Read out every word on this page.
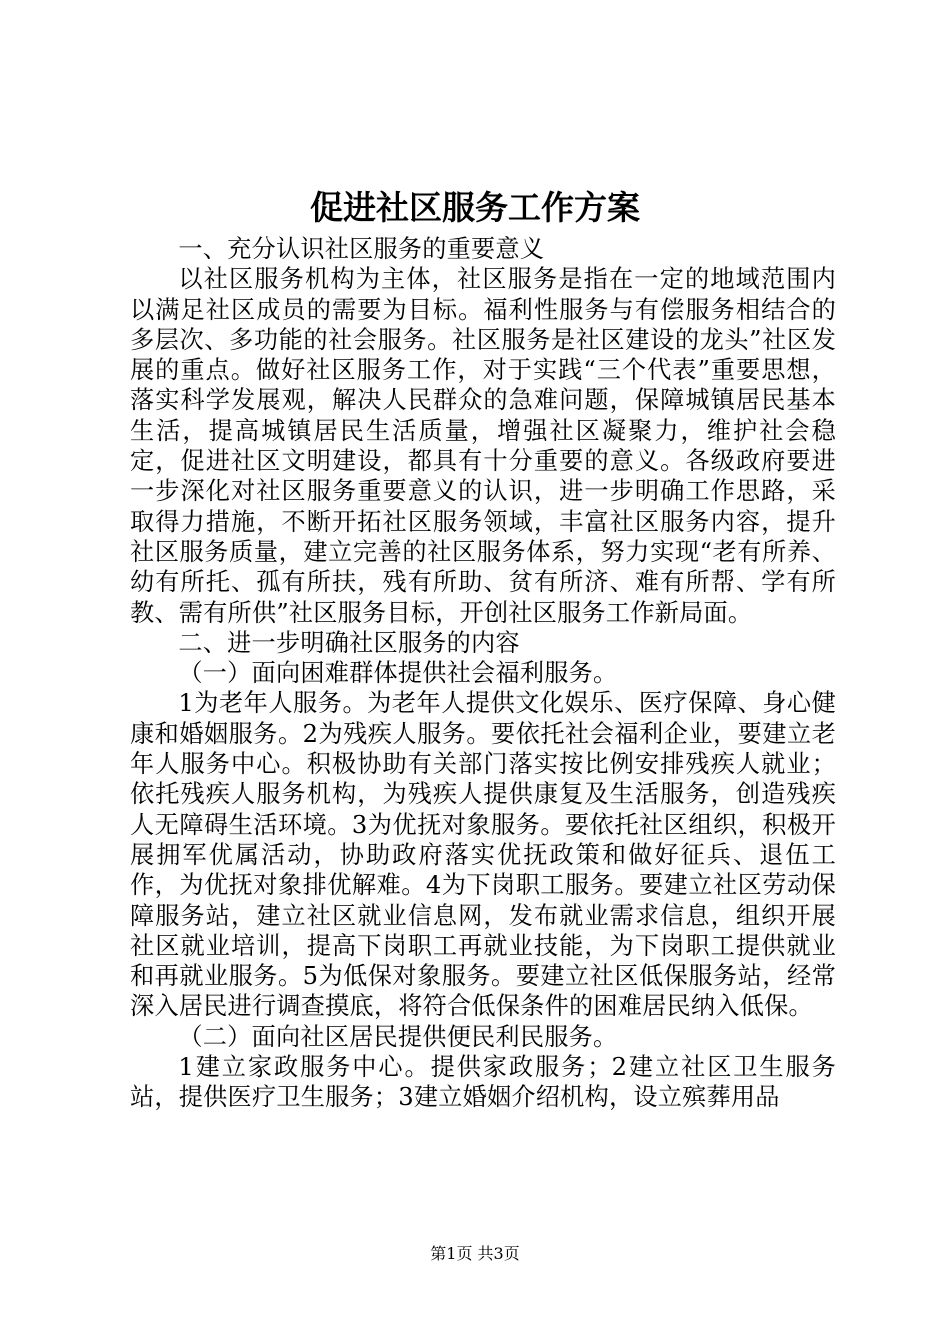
促进社区服务工作方案

一、充分认识社区服务的重要意义

以社区服务机构为主体，社区服务是指在一定的地域范围内以满足社区成员的需要为目标。福利性服务与有偿服务相结合的多层次、多功能的社会服务。社区服务是社区建设的龙头”社区发展的重点。做好社区服务工作，对于实践“三个代表”重要思想，落实科学发展观，解决人民群众的急难问题，保障城镇居民基本生活，提高城镇居民生活质量，增强社区凝聚力，维护社会稳定，促进社区文明建设，都具有十分重要的意义。各级政府要进一步深化对社区服务重要意义的认识，进一步明确工作思路，采取得力措施，不断开拓社区服务领域，丰富社区服务内容，提升社区服务质量，建立完善的社区服务体系，努力实现“老有所养、幼有所托、孤有所扶，残有所助、贫有所济、难有所帮、学有所教、需有所供”社区服务目标，开创社区服务工作新局面。

二、进一步明确社区服务的内容

（一）面向困难群体提供社会福利服务。

1为老年人服务。为老年人提供文化娱乐、医疗保障、身心健康和婚姻服务。2为残疾人服务。要依托社会福利企业，要建立老年人服务中心。积极协助有关部门落实按比例安排残疾人就业；依托残疾人服务机构，为残疾人提供康复及生活服务，创造残疾人无障碍生活环境。3为优抚对象服务。要依托社区组织，积极开展拥军优属活动，协助政府落实优抚政策和做好征兵、退伍工作，为优抚对象排优解难。4为下岗职工服务。要建立社区劳动保障服务站，建立社区就业信息网，发布就业需求信息，组织开展社区就业培训，提高下岗职工再就业技能，为下岗职工提供就业和再就业服务。5为低保对象服务。要建立社区低保服务站，经常深入居民进行调查摸底，将符合低保条件的困难居民纳入低保。

（二）面向社区居民提供便民利民服务。

1建立家政服务中心。提供家政服务；2建立社区卫生服务站，提供医疗卫生服务；3建立婚姻介绍机构，设立殡葬用品

第1页 共3页
